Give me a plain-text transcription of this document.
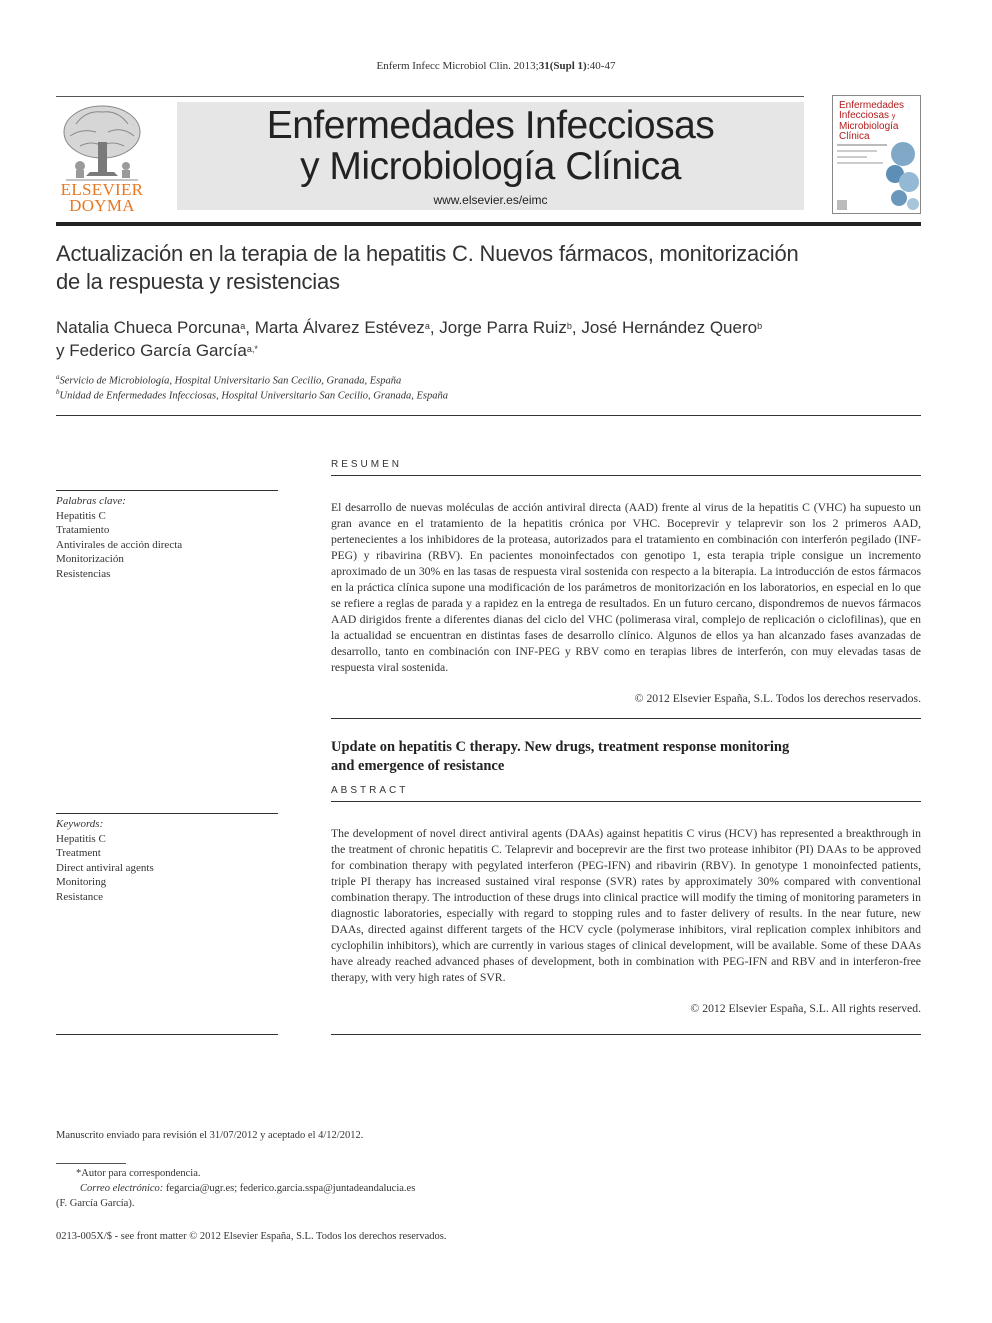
Enferm Infecc Microbiol Clin. 2013;31(Supl 1):40-47
ELSEVIER
DOYMA
Enfermedades Infecciosas
y Microbiología Clínica
www.elsevier.es/eimc
Enfermedades
Infecciosas y
Microbiología
Clínica
Actualización en la terapia de la hepatitis C. Nuevos fármacos, monitorización
de la respuesta y resistencias
Natalia Chueca Porcuna$^a$, Marta Álvarez Estévez$^a$, Jorge Parra Ruiz$^b$, José Hernández Quero$^b$
y Federico García García$^{a,*}$
$^a$Servicio de Microbiología, Hospital Universitario San Cecilio, Granada, España
$^b$Unidad de Enfermedades Infecciosas, Hospital Universitario San Cecilio, Granada, España
RESUMEN
Palabras clave:
Hepatitis C
Tratamiento
Antivirales de acción directa
Monitorización
Resistencias
El desarrollo de nuevas moléculas de acción antiviral directa (AAD) frente al virus de la hepatitis C (VHC) ha supuesto un gran avance en el tratamiento de la hepatitis crónica por VHC. Boceprevir y telaprevir son los 2 primeros AAD, pertenecientes a los inhibidores de la proteasa, autorizados para el tratamiento en combinación con interferón pegilado (INF-PEG) y ribavirina (RBV). En pacientes monoinfectados con genotipo 1, esta terapia triple consigue un incremento aproximado de un 30% en las tasas de respuesta viral sostenida con respecto a la biterapia. La introducción de estos fármacos en la práctica clínica supone una modificación de los parámetros de monitorización en los laboratorios, en especial en lo que se refiere a reglas de parada y a rapidez en la entrega de resultados. En un futuro cercano, dispondremos de nuevos fármacos AAD dirigidos frente a diferentes dianas del ciclo del VHC (polimerasa viral, complejo de replicación o ciclofilinas), que en la actualidad se encuentran en distintas fases de desarrollo clínico. Algunos de ellos ya han alcanzado fases avanzadas de desarrollo, tanto en combinación con INF-PEG y RBV como en terapias libres de interferón, con muy elevadas tasas de respuesta viral sostenida.
© 2012 Elsevier España, S.L. Todos los derechos reservados.
Update on hepatitis C therapy. New drugs, treatment response monitoring
and emergence of resistance
ABSTRACT
Keywords:
Hepatitis C
Treatment
Direct antiviral agents
Monitoring
Resistance
The development of novel direct antiviral agents (DAAs) against hepatitis C virus (HCV) has represented a breakthrough in the treatment of chronic hepatitis C. Telaprevir and boceprevir are the first two protease inhibitor (PI) DAAs to be approved for combination therapy with pegylated interferon (PEG-IFN) and ribavirin (RBV). In genotype 1 monoinfected patients, triple PI therapy has increased sustained viral response (SVR) rates by approximately 30% compared with conventional combination therapy. The introduction of these drugs into clinical practice will modify the timing of monitoring parameters in diagnostic laboratories, especially with regard to stopping rules and to faster delivery of results. In the near future, new DAAs, directed against different targets of the HCV cycle (polymerase inhibitors, viral replication complex inhibitors and cyclophilin inhibitors), which are currently in various stages of clinical development, will be available. Some of these DAAs have already reached advanced phases of development, both in combination with PEG-IFN and RBV and in interferon-free therapy, with very high rates of SVR.
© 2012 Elsevier España, S.L. All rights reserved.
Manuscrito enviado para revisión el 31/07/2012 y aceptado el 4/12/2012.
*Autor para correspondencia.
Correo electrónico: fegarcia@ugr.es; federico.garcia.sspa@juntadeandalucia.es
(F. García García).
0213-005X/$ - see front matter © 2012 Elsevier España, S.L. Todos los derechos reservados.
